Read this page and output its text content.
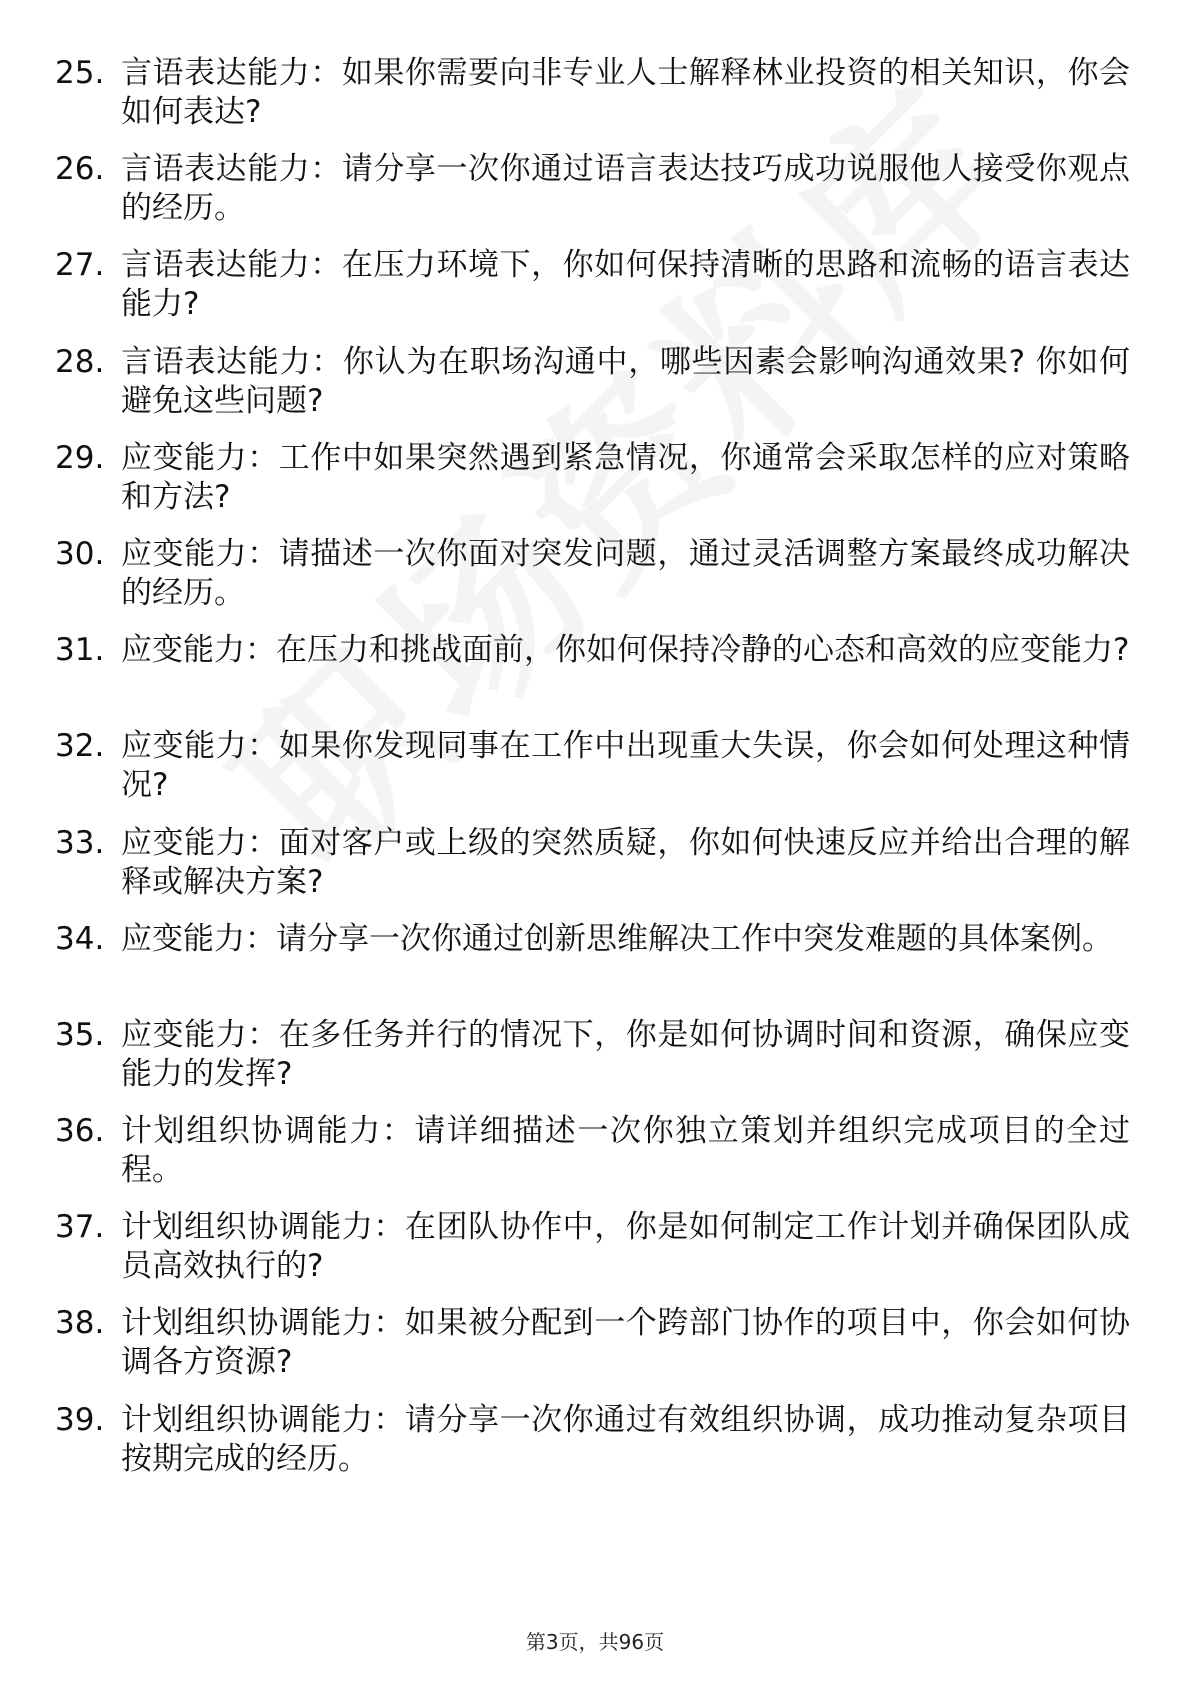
25. 言语表达能力：如果你需要向非专业人士解释林业投资的相关知识，你会如何表达?
26. 言语表达能力：请分享一次你通过语言表达技巧成功说服他人接受你观点的经历。
27. 言语表达能力：在压力环境下，你如何保持清晰的思路和流畅的语言表达能力?
28. 言语表达能力：你认为在职场沟通中，哪些因素会影响沟通效果? 你如何避免这些问题?
29. 应变能力：工作中如果突然遇到紧急情况，你通常会采取怎样的应对策略和方法?
30. 应变能力：请描述一次你面对突发问题，通过灵活调整方案最终成功解决的经历。
31. 应变能力：在压力和挑战面前，你如何保持冷静的心态和高效的应变能力?
32. 应变能力：如果你发现同事在工作中出现重大失误，你会如何处理这种情况?
33. 应变能力：面对客户或上级的突然质疑，你如何快速反应并给出合理的解释或解决方案?
34. 应变能力：请分享一次你通过创新思维解决工作中突发难题的具体案例。
35. 应变能力：在多任务并行的情况下，你是如何协调时间和资源，确保应变能力的发挥?
36. 计划组织协调能力：请详细描述一次你独立策划并组织完成项目的全过程。
37. 计划组织协调能力：在团队协作中，你是如何制定工作计划并确保团队成员高效执行的?
38. 计划组织协调能力：如果被分配到一个跨部门协作的项目中，你会如何协调各方资源?
39. 计划组织协调能力：请分享一次你通过有效组织协调，成功推动复杂项目按期完成的经历。
第3页，共96页
